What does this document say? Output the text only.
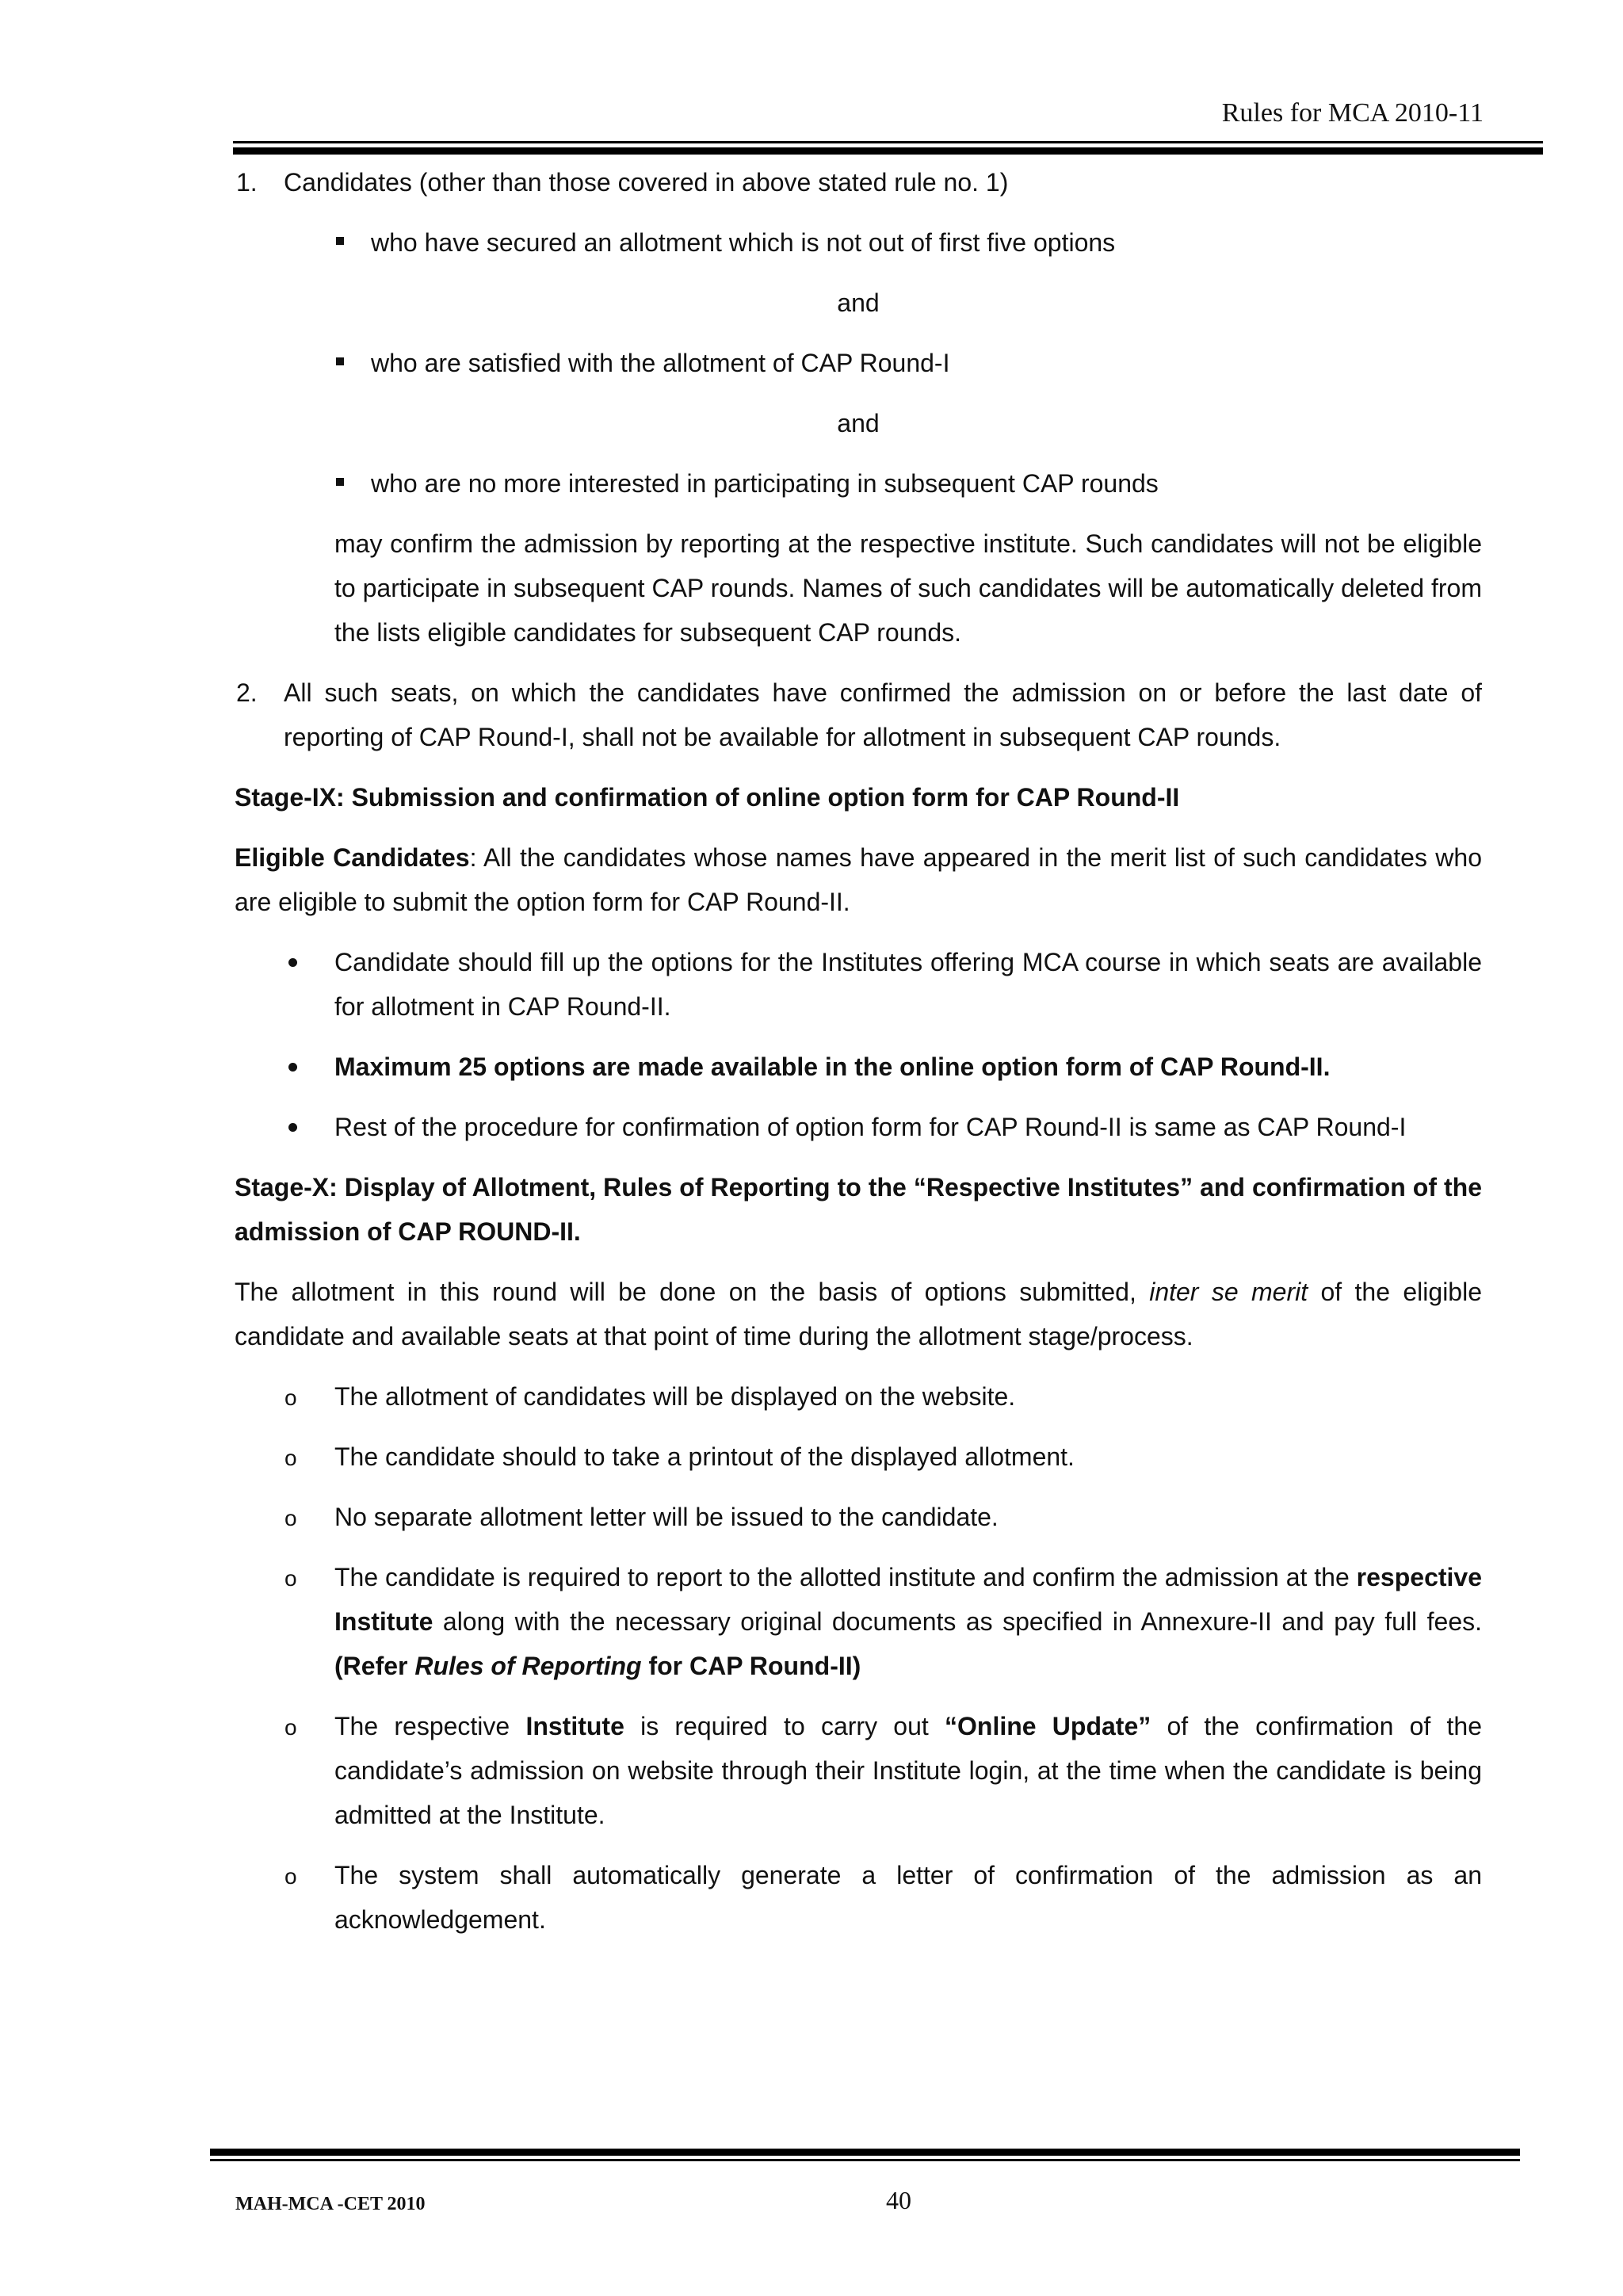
Rules for MCA 2010-11
1. Candidates (other than those covered in above stated rule no. 1)
who have secured an allotment which is not out of first five options

and

who are satisfied with the allotment of CAP Round-I

and

who are no more interested in participating in subsequent CAP rounds

may confirm the admission by reporting at the respective institute. Such candidates will not be eligible to participate in subsequent CAP rounds. Names of such candidates will be automatically deleted from the lists eligible candidates for subsequent CAP rounds.

2. All such seats, on which the candidates have confirmed the admission on or before the last date of reporting of CAP Round-I, shall not be available for allotment in subsequent CAP rounds.

Stage-IX: Submission and confirmation of online option form for CAP Round-II

Eligible Candidates: All the candidates whose names have appeared in the merit list of such candidates who are eligible to submit the option form for CAP Round-II.

Candidate should fill up the options for the Institutes offering MCA course in which seats are available for allotment in CAP Round-II.
Maximum 25 options are made available in the online option form of CAP Round-II.
Rest of the procedure for confirmation of option form for CAP Round-II is same as CAP Round-I

Stage-X: Display of Allotment, Rules of Reporting to the “Respective Institutes” and confirmation of the admission of CAP ROUND-II.

The allotment in this round will be done on the basis of options submitted, inter se merit of the eligible candidate and available seats at that point of time during the allotment stage/process.

o The allotment of candidates will be displayed on the website.
o The candidate should to take a printout of the displayed allotment.
o No separate allotment letter will be issued to the candidate.
o The candidate is required to report to the allotted institute and confirm the admission at the respective Institute along with the necessary original documents as specified in Annexure-II and pay full fees. (Refer Rules of Reporting for CAP Round-II)
o The respective Institute is required to carry out “Online Update” of the confirmation of the candidate’s admission on website through their Institute login, at the time when the candidate is being admitted at the Institute.
o The system shall automatically generate a letter of confirmation of the admission as an acknowledgement.
MAH-MCA -CET 2010	40
